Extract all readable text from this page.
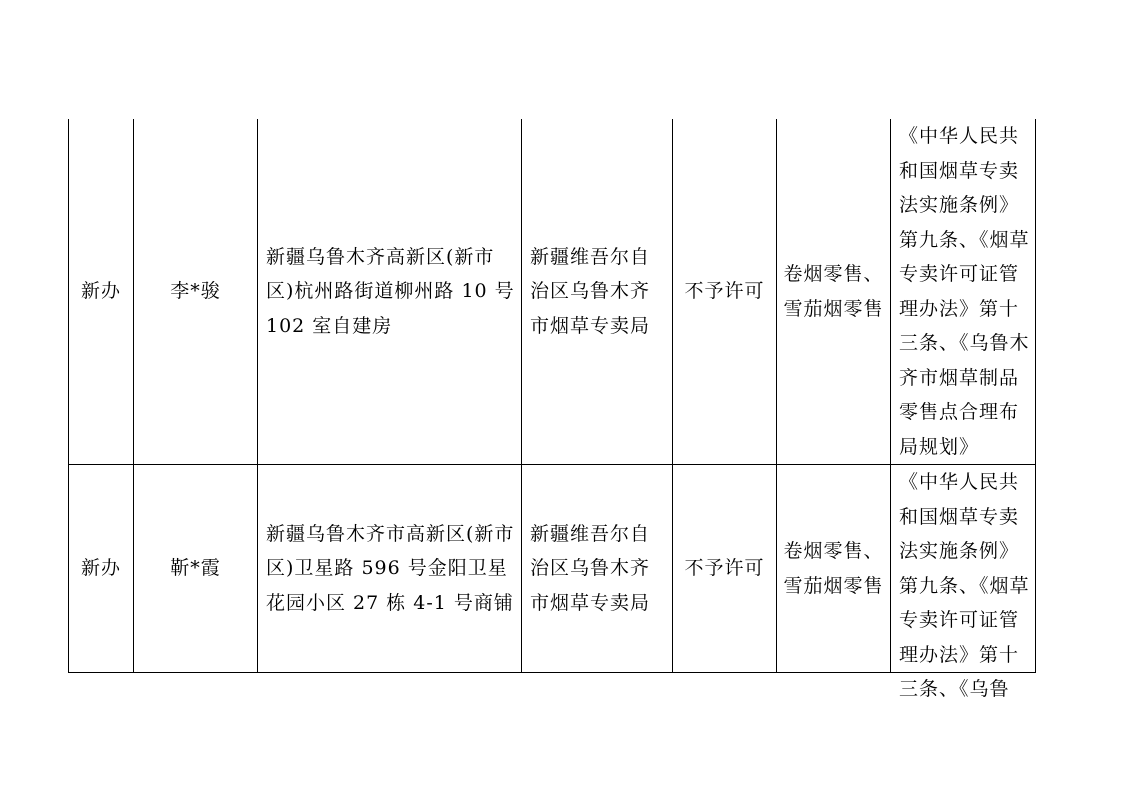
新办	李*骏	新疆乌鲁木齐高新区(新市区)杭州路街道柳州路 10 号 102 室自建房	新疆维吾尔自治区乌鲁木齐市烟草专卖局	不予许可	卷烟零售、雪茄烟零售	《中华人民共和国烟草专卖法实施条例》第九条、《烟草专卖许可证管理办法》第十三条、《乌鲁木齐市烟草制品零售点合理布局规划》
新办	靳*霞	新疆乌鲁木齐市高新区(新市区)卫星路 596 号金阳卫星花园小区 27 栋 4-1 号商铺	新疆维吾尔自治区乌鲁木齐市烟草专卖局	不予许可	卷烟零售、雪茄烟零售	《中华人民共和国烟草专卖法实施条例》第九条、《烟草专卖许可证管理办法》第十三条、《乌鲁
